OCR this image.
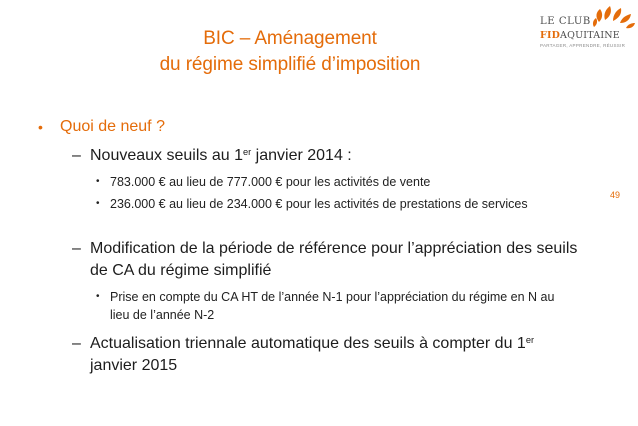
BIC – Aménagement
du régime simplifié d’imposition
LE CLUB
FIDAQUITAINE
PARTAGER, APPRENDRE, RÉUSSIR
49
•	Quoi de neuf ?
– Nouveaux seuils au 1er janvier 2014 :
• 783.000 € au lieu de 777.000 € pour les activités de vente
• 236.000 € au lieu de 234.000 € pour les activités de prestations de services
– Modification de la période de référence pour l’appréciation des seuils de CA du régime simplifié
• Prise en compte du CA HT de l’année N-1 pour l’appréciation du régime en N au lieu de l’année N-2
– Actualisation triennale automatique des seuils à compter du 1er janvier 2015
